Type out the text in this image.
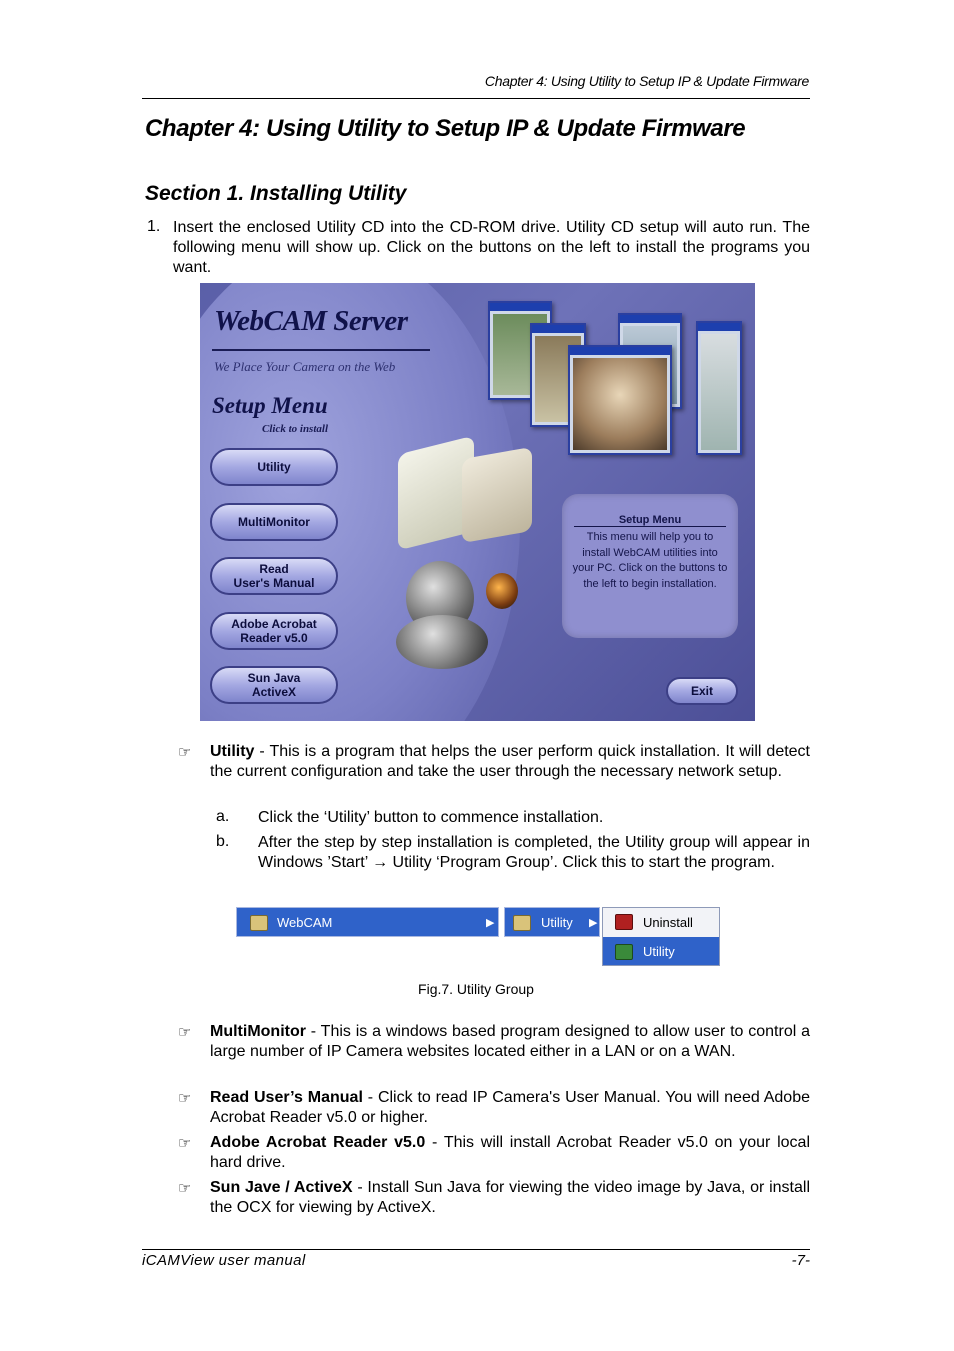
Chapter 4: Using Utility to Setup IP & Update Firmware
Chapter 4: Using Utility to Setup IP & Update Firmware
Section 1. Installing Utility
1. Insert the enclosed Utility CD into the CD-ROM drive. Utility CD setup will auto run. The following menu will show up. Click on the buttons on the left to install the programs you want.
WebCAM Server
We Place Your Camera on the Web
Setup Menu
Click to install
Utility
MultiMonitor
Read
User's Manual
Adobe Acrobat
Reader v5.0
Sun Java
ActiveX
Setup Menu
This menu will help you to install WebCAM utilities into your PC. Click on the buttons to the left to begin installation.
Exit
☞ Utility - This is a program that helps the user perform quick installation. It will detect the current configuration and take the user through the necessary network setup.
a. Click the ‘Utility’ button to commence installation.
b. After the step by step installation is completed, the Utility group will appear in Windows ’Start’ → Utility ‘Program Group’. Click this to start the program.
WebCAM	▶	Utility ▶	Uninstall
Utility
Fig.7. Utility Group
☞ MultiMonitor - This is a windows based program designed to allow user to control a large number of IP Camera websites located either in a LAN or on a WAN.
☞ Read User’s Manual - Click to read IP Camera's User Manual. You will need Adobe Acrobat Reader v5.0 or higher.
☞ Adobe Acrobat Reader v5.0 - This will install Acrobat Reader v5.0 on your local hard drive.
☞ Sun Jave / ActiveX - Install Sun Java for viewing the video image by Java, or install the OCX for viewing by ActiveX.
iCAMView user manual	-7-
